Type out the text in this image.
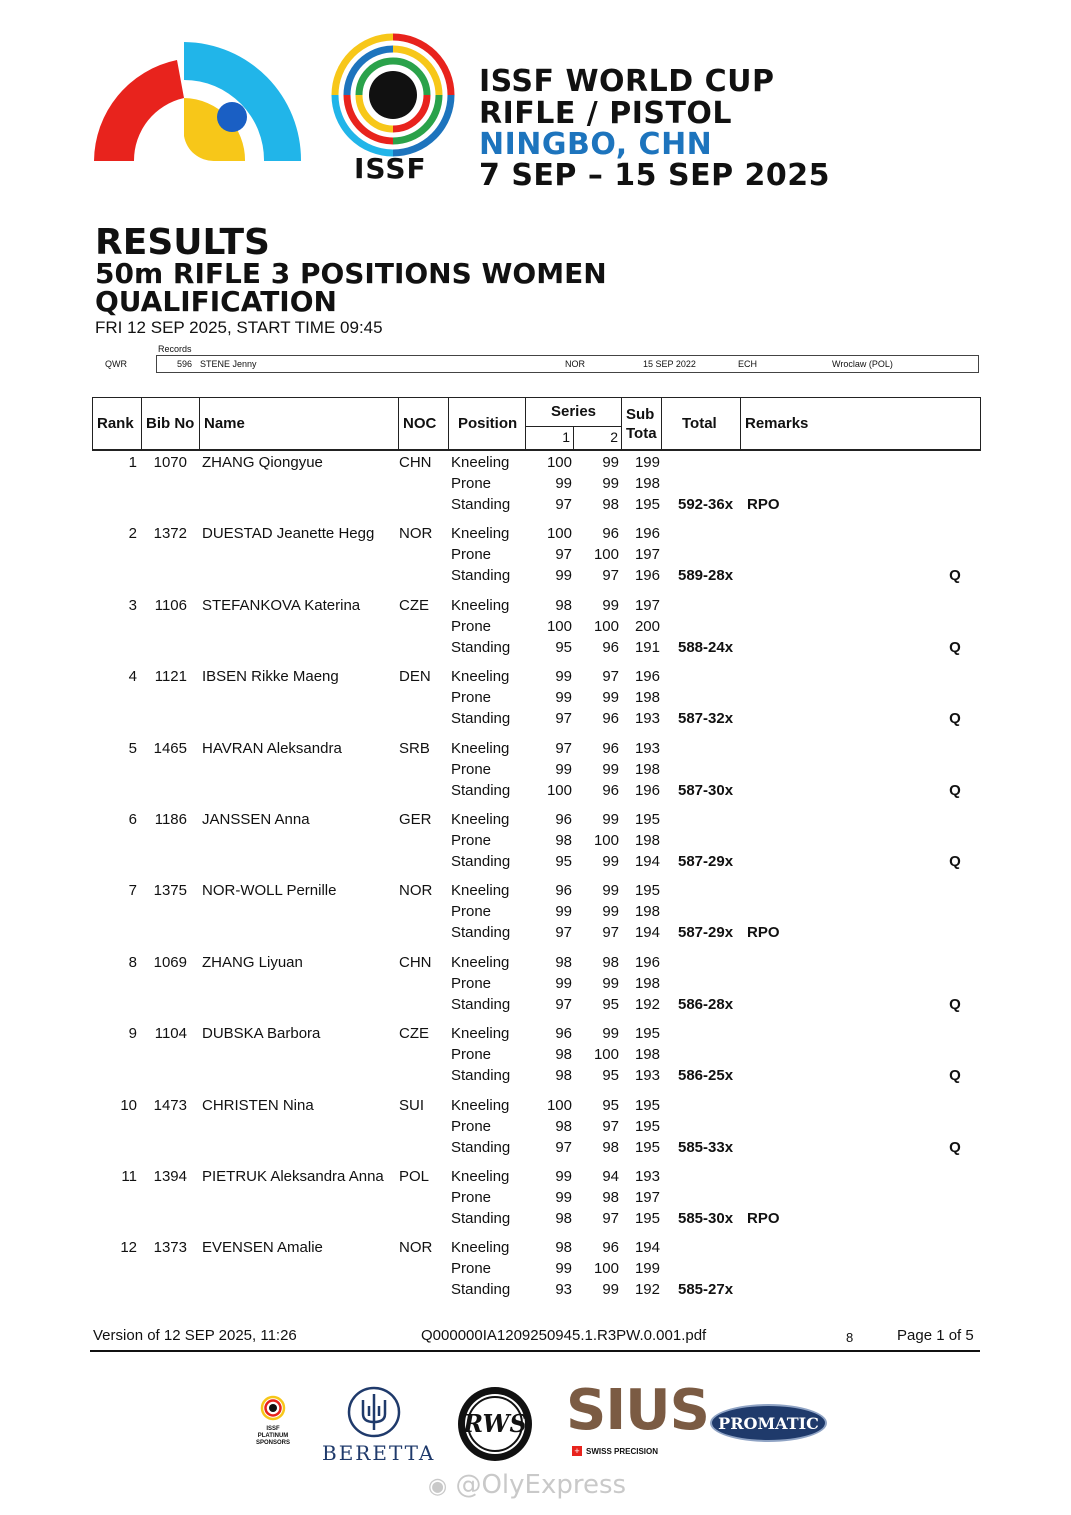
ISSF
ISSF WORLD CUP
RIFLE / PISTOL
NINGBO, CHN
7 SEP – 15 SEP 2025
RESULTS
50m RIFLE 3 POSITIONS WOMEN
QUALIFICATION
FRI 12 SEP 2025, START TIME 09:45
Records
QWR	596 STENE Jenny	NOR	15 SEP 2022	ECH	Wroclaw (POL)
Rank Bib No Name	NOC	Position
Series
1	2
Sub
Tota
Total	Remarks
1 1070 ZHANG Qiongyue	CHN	Kneeling	100	99	199
Prone	99	99	198
Standing	97	98	195 592-36x RPO
2 1372 DUESTAD Jeanette Hegg	NOR	Kneeling	100	96	196
Prone	97	100	197
Standing	99	97	196 589-28x	Q
3	1106 STEFANKOVA Katerina	CZE	Kneeling	98	99	197
Prone	100	100	200
Standing	95	96	191 588-24x	Q
4	1121 IBSEN Rikke Maeng	DEN	Kneeling	99	97	196
Prone	99	99	198
Standing	97	96	193 587-32x	Q
5 1465 HAVRAN Aleksandra	SRB	Kneeling	97	96	193
Prone	99	99	198
Standing	100	96	196 587-30x	Q
6	1186 JANSSEN Anna	GER	Kneeling	96	99	195
Prone	98	100	198
Standing	95	99	194 587-29x	Q
7 1375 NOR-WOLL Pernille	NOR	Kneeling	96	99	195
Prone	99	99	198
Standing	97	97	194 587-29x RPO
8 1069 ZHANG Liyuan	CHN	Kneeling	98	98	196
Prone	99	99	198
Standing	97	95	192 586-28x	Q
9	1104 DUBSKA Barbora	CZE	Kneeling	96	99	195
Prone	98	100	198
Standing	98	95	193 586-25x	Q
10 1473 CHRISTEN Nina	SUI	Kneeling	100	95	195
Prone	98	97	195
Standing	97	98	195 585-33x	Q
11 1394 PIETRUK Aleksandra Anna	POL	Kneeling	99	94	193
Prone	99	98	197
Standing	98	97	195 585-30x RPO
12 1373 EVENSEN Amalie	NOR	Kneeling	98	96	194
Prone	99	100	199
Standing	93	99	192 585-27x
Version of 12 SEP 2025, 11:26	Q000000IA1209250945.1.R3PW.0.001.pdf	8	Page 1 of 5
ISSF
PLATINUM
SPONSORS	BERETTA
RWS SIUS
+ SWISS PRECISION
PROMATIC
◉ @OlyExpress
